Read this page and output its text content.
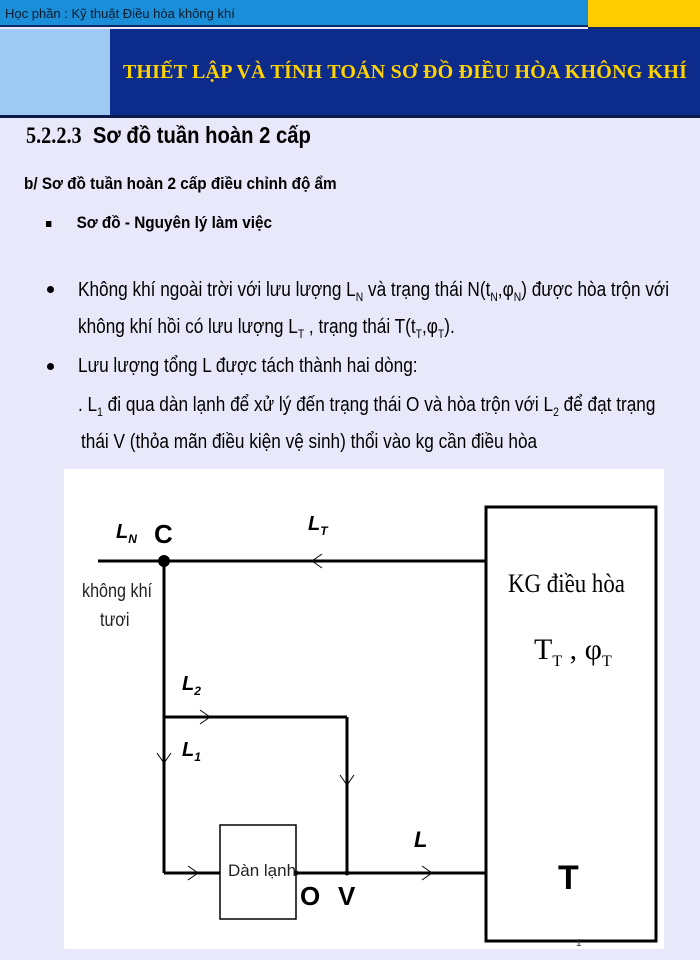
Học phần : Kỹ thuật Điều hòa không khí
THIẾT LẬP VÀ TÍNH TOÁN SƠ ĐỒ ĐIỀU HÒA KHÔNG KHÍ
5.2.2.3 Sơ đồ tuần hoàn 2 cấp
b/ Sơ đồ tuần hoàn 2 cấp điều chỉnh độ ẩm
Sơ đồ - Nguyên lý làm việc
Không khí ngoài trời với lưu lượng $L_N$ và trạng thái $N(t_N,\varphi_N)$ được hòa trộn với
không khí hồi có lưu lượng $L_T$ , trạng thái $T(t_T,\varphi_T)$.
Lưu lượng tổng L được tách thành hai dòng:
. $L_1$ đi qua dàn lạnh để xử lý đến trạng thái O và hòa trộn với $L_2$ để đạt trạng
thái V (thỏa mãn điều kiện vệ sinh) thổi vào kg cần điều hòa
$L_N$ C
không khí
tươi
$L_T$
$L_2$
$L_1$
KG điều hòa
$T_T$ , $\varphi_T$
L
Dàn lạnh
O V	T
1
